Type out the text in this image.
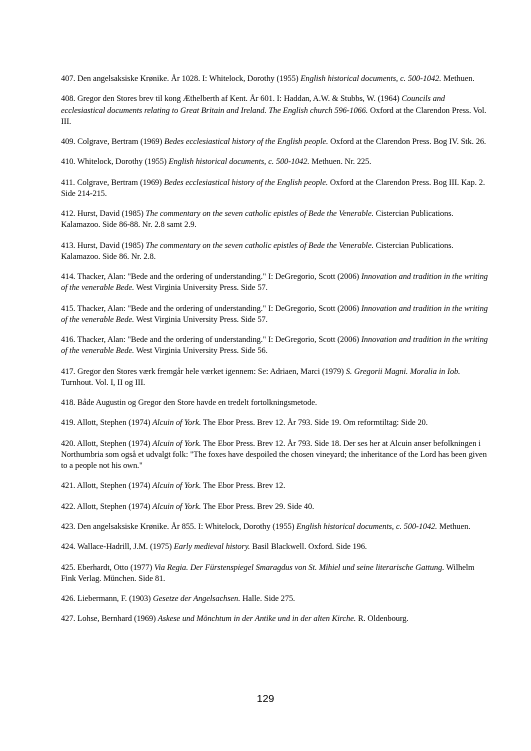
407. Den angelsaksiske Krønike. År 1028. I: Whitelock, Dorothy (1955) English historical documents, c. 500-1042. Methuen.

408. Gregor den Stores brev til kong Æthelberth af Kent. År 601. I: Haddan, A.W. & Stubbs, W. (1964) Councils and ecclesiastical documents relating to Great Britain and Ireland. The English church 596-1066. Oxford at the Clarendon Press. Vol. III.

409. Colgrave, Bertram (1969) Bedes ecclesiastical history of the English people. Oxford at the Clarendon Press. Bog IV. Stk. 26.

410. Whitelock, Dorothy (1955) English historical documents, c. 500-1042. Methuen. Nr. 225.

411. Colgrave, Bertram (1969) Bedes ecclesiastical history of the English people. Oxford at the Clarendon Press. Bog III. Kap. 2. Side 214-215.

412. Hurst, David (1985) The commentary on the seven catholic epistles of Bede the Venerable. Cistercian Publications. Kalamazoo. Side 86-88. Nr. 2.8 samt 2.9.

413. Hurst, David (1985) The commentary on the seven catholic epistles of Bede the Venerable. Cistercian Publications. Kalamazoo. Side 86. Nr. 2.8.

414. Thacker, Alan: "Bede and the ordering of understanding." I: DeGregorio, Scott (2006) Innovation and tradition in the writing of the venerable Bede. West Virginia University Press. Side 57.

415. Thacker, Alan: "Bede and the ordering of understanding." I: DeGregorio, Scott (2006) Innovation and tradition in the writing of the venerable Bede. West Virginia University Press. Side 57.

416. Thacker, Alan: "Bede and the ordering of understanding." I: DeGregorio, Scott (2006) Innovation and tradition in the writing of the venerable Bede. West Virginia University Press. Side 56.

417. Gregor den Stores værk fremgår hele værket igennem: Se: Adriaen, Marci (1979) S. Gregorii Magni. Moralia in Iob. Turnhout. Vol. I, II og III.

418. Både Augustin og Gregor den Store havde en tredelt fortolkningsmetode.

419. Allott, Stephen (1974) Alcuin of York. The Ebor Press. Brev 12. År 793. Side 19. Om reformtiltag: Side 20.

420. Allott, Stephen (1974) Alcuin of York. The Ebor Press. Brev 12. År 793. Side 18. Der ses her at Alcuin anser befolkningen i Northumbria som også et udvalgt folk: "The foxes have despoiled the chosen vineyard; the inheritance of the Lord has been given to a people not his own."

421. Allott, Stephen (1974) Alcuin of York. The Ebor Press. Brev 12.

422. Allott, Stephen (1974) Alcuin of York. The Ebor Press. Brev 29. Side 40.

423. Den angelsaksiske Krønike. År 855. I: Whitelock, Dorothy (1955) English historical documents, c. 500-1042. Methuen.

424. Wallace-Hadrill, J.M. (1975) Early medieval history. Basil Blackwell. Oxford. Side 196.

425. Eberhardt, Otto (1977) Via Regia. Der Fürstenspiegel Smaragdus von St. Mihiel und seine literarische Gattung. Wilhelm Fink Verlag. München. Side 81.

426. Liebermann, F. (1903) Gesetze der Angelsachsen. Halle. Side 275.

427. Lohse, Bernhard (1969) Askese und Mönchtum in der Antike und in der alten Kirche. R. Oldenbourg.

129
